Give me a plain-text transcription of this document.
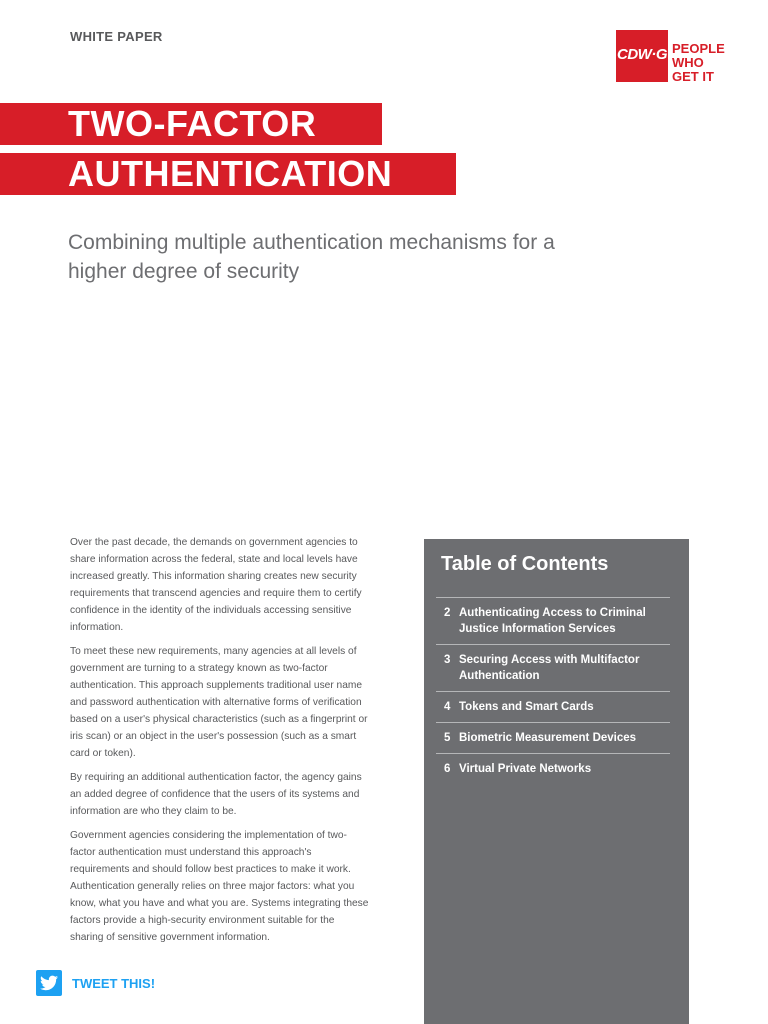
WHITE PAPER
CDW·G PEOPLE
WHO
GET IT
TWO-FACTOR
AUTHENTICATION
Combining multiple authentication mechanisms for a higher degree of security

Over the past decade, the demands on government agencies to share information across the federal, state and local levels have increased greatly. This information sharing creates new security requirements that transcend agencies and require them to certify confidence in the identity of the individuals accessing sensitive information.

To meet these new requirements, many agencies at all levels of government are turning to a strategy known as two-factor authentication. This approach supplements traditional user name and password authentication with alternative forms of verification based on a user's physical characteristics (such as a fingerprint or iris scan) or an object in the user's possession (such as a smart card or token).

By requiring an additional authentication factor, the agency gains an added degree of confidence that the users of its systems and information are who they claim to be.

Government agencies considering the implementation of two-factor authentication must understand this approach's requirements and should follow best practices to make it work. Authentication generally relies on three major factors: what you know, what you have and what you are. Systems integrating these factors provide a high-security environment suitable for the sharing of sensitive government information.

Table of Contents
2 Authenticating Access to Criminal Justice Information Services
3 Securing Access with Multifactor Authentication
4 Tokens and Smart Cards
5 Biometric Measurement Devices
6 Virtual Private Networks
TWEET THIS!
